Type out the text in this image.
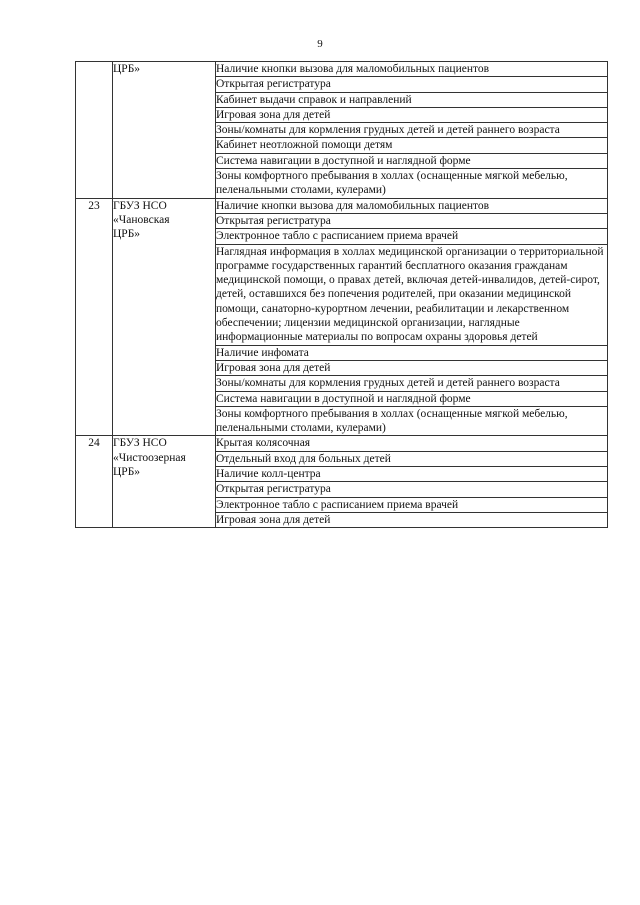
9

	ЦРБ»	Наличие кнопки вызова для маломобильных пациентов
		Открытая регистратура
		Кабинет выдачи справок и направлений
		Игровая зона для детей
		Зоны/комнаты для кормления грудных детей и детей раннего возраста
		Кабинет неотложной помощи детям
		Система навигации в доступной и наглядной форме
		Зоны комфортного пребывания в холлах (оснащенные мягкой мебелью, пеленальными столами, кулерами)
23	ГБУЗ НСО
«Чановская
ЦРБ»	Наличие кнопки вызова для маломобильных пациентов
		Открытая регистратура
		Электронное табло с расписанием приема врачей
		Наглядная информация в холлах медицинской организации о территориальной программе государственных гарантий бесплатного оказания гражданам медицинской помощи, о правах детей, включая детей-инвалидов, детей-сирот, детей, оставшихся без попечения родителей, при оказании медицинской помощи, санаторно-курортном лечении, реабилитации и лекарственном обеспечении; лицензии медицинской организации, наглядные информационные материалы по вопросам охраны здоровья детей
		Наличие инфомата
		Игровая зона для детей
		Зоны/комнаты для кормления грудных детей и детей раннего возраста
		Система навигации в доступной и наглядной форме
		Зоны комфортного пребывания в холлах (оснащенные мягкой мебелью, пеленальными столами, кулерами)
24	ГБУЗ НСО
«Чистоозерная
ЦРБ»	Крытая колясочная
		Отдельный вход для больных детей
		Наличие колл-центра
		Открытая регистратура
		Электронное табло с расписанием приема врачей
		Игровая зона для детей
